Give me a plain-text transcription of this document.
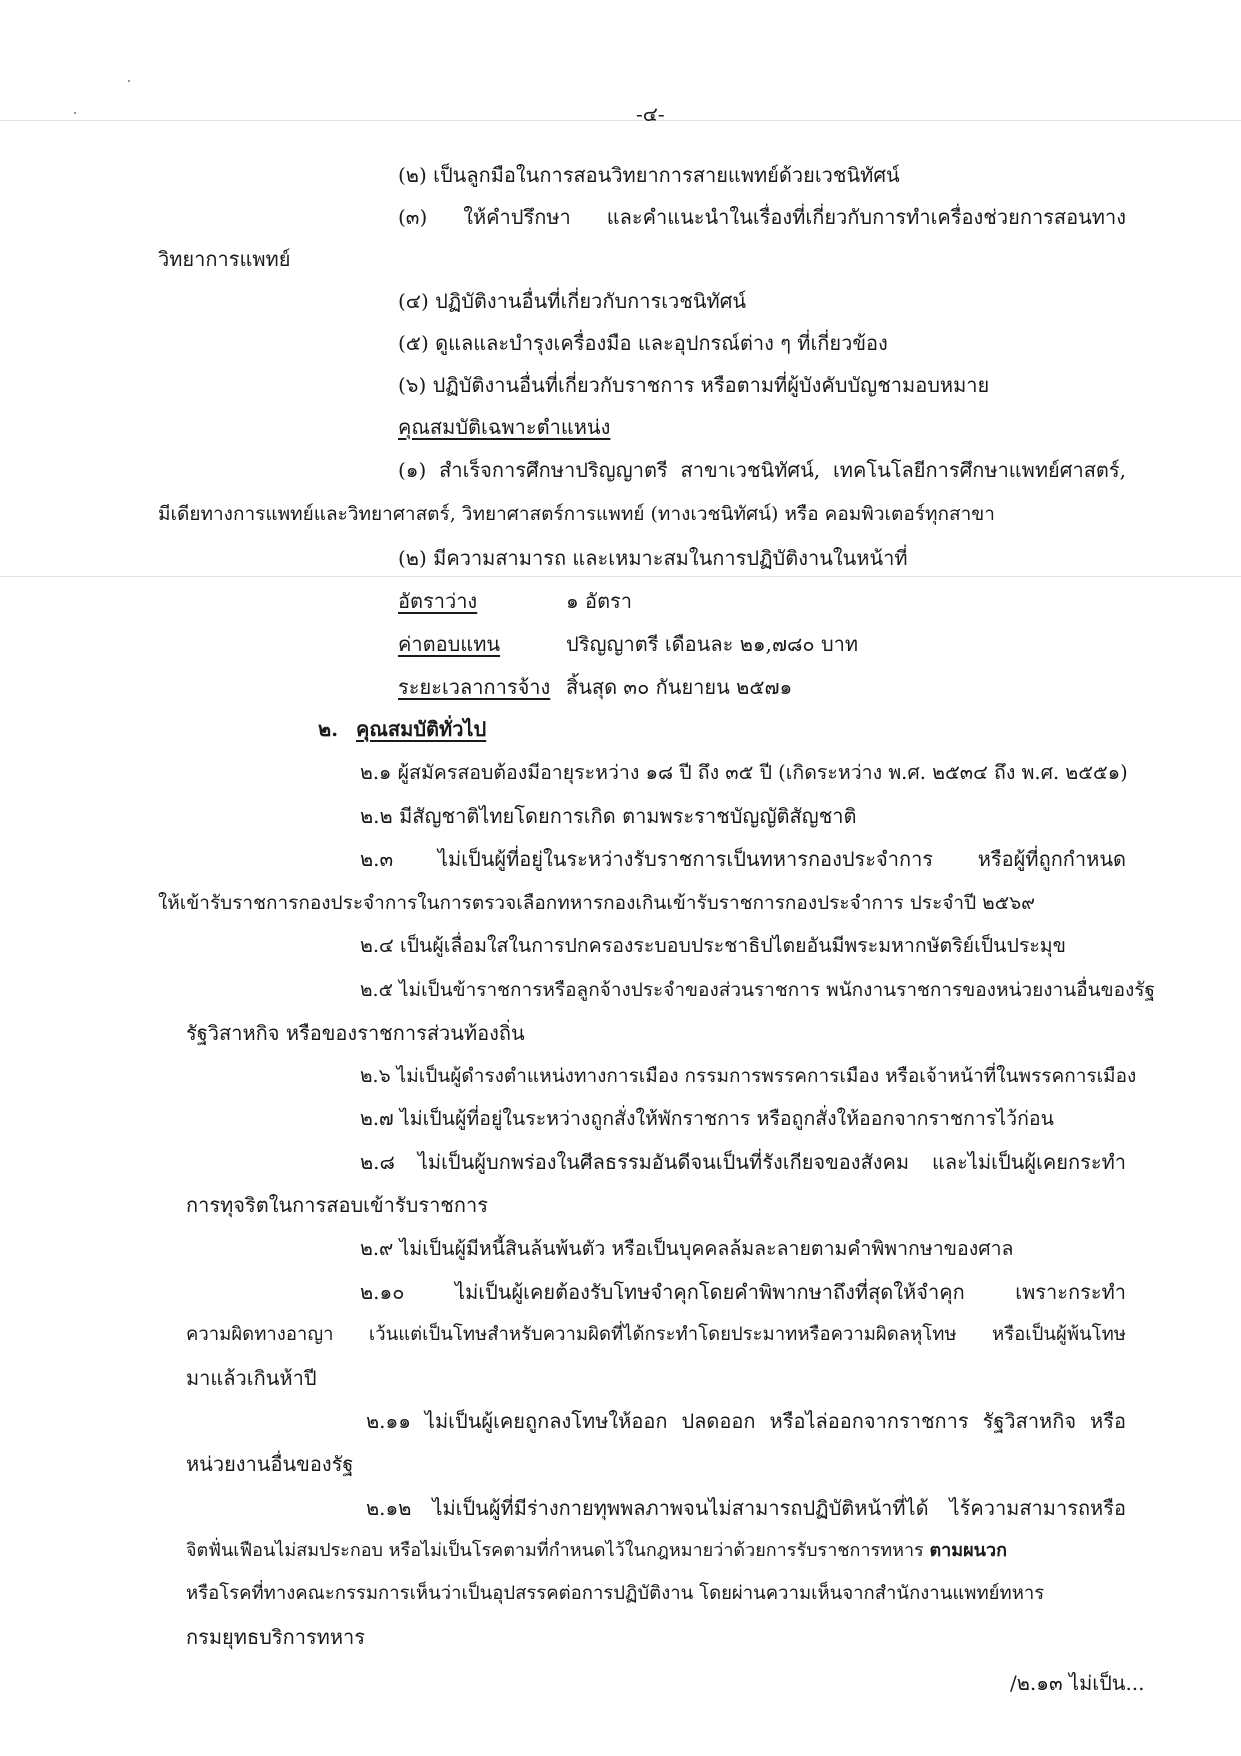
-๔-
(๒) เป็นลูกมือในการสอนวิทยาการสายแพทย์ด้วยเวชนิทัศน์
(๓) ให้คำปรึกษา และคำแนะนำในเรื่องที่เกี่ยวกับการทำเครื่องช่วยการสอนทาง
วิทยาการแพทย์
(๔) ปฏิบัติงานอื่นที่เกี่ยวกับการเวชนิทัศน์
(๕) ดูแลและบำรุงเครื่องมือ และอุปกรณ์ต่าง ๆ ที่เกี่ยวข้อง
(๖) ปฏิบัติงานอื่นที่เกี่ยวกับราชการ หรือตามที่ผู้บังคับบัญชามอบหมาย
คุณสมบัติเฉพาะตำแหน่ง
(๑) สำเร็จการศึกษาปริญญาตรี สาขาเวชนิทัศน์, เทคโนโลยีการศึกษาแพทย์ศาสตร์,
มีเดียทางการแพทย์และวิทยาศาสตร์, วิทยาศาสตร์การแพทย์ (ทางเวชนิทัศน์) หรือ คอมพิวเตอร์ทุกสาขา
(๒) มีความสามารถ และเหมาะสมในการปฏิบัติงานในหน้าที่
อัตราว่าง	๑ อัตรา
ค่าตอบแทน	ปริญญาตรี เดือนละ ๒๑,๗๘๐ บาท
ระยะเวลาการจ้าง สิ้นสุด ๓๐ กันยายน ๒๕๗๑
๒. คุณสมบัติทั่วไป
๒.๑ ผู้สมัครสอบต้องมีอายุระหว่าง ๑๘ ปี ถึง ๓๕ ปี (เกิดระหว่าง พ.ศ. ๒๕๓๔ ถึง พ.ศ. ๒๕๕๑)
๒.๒ มีสัญชาติไทยโดยการเกิด ตามพระราชบัญญัติสัญชาติ
๒.๓ ไม่เป็นผู้ที่อยู่ในระหว่างรับราชการเป็นทหารกองประจำการ หรือผู้ที่ถูกกำหนด
ให้เข้ารับราชการกองประจำการในการตรวจเลือกทหารกองเกินเข้ารับราชการกองประจำการ ประจำปี ๒๕๖๙
๒.๔ เป็นผู้เลื่อมใสในการปกครองระบอบประชาธิปไตยอันมีพระมหากษัตริย์เป็นประมุข
๒.๕ ไม่เป็นข้าราชการหรือลูกจ้างประจำของส่วนราชการ พนักงานราชการของหน่วยงานอื่นของรัฐ
รัฐวิสาหกิจ หรือของราชการส่วนท้องถิ่น
๒.๖ ไม่เป็นผู้ดำรงตำแหน่งทางการเมือง กรรมการพรรคการเมือง หรือเจ้าหน้าที่ในพรรคการเมือง
๒.๗ ไม่เป็นผู้ที่อยู่ในระหว่างถูกสั่งให้พักราชการ หรือถูกสั่งให้ออกจากราชการไว้ก่อน
๒.๘ ไม่เป็นผู้บกพร่องในศีลธรรมอันดีจนเป็นที่รังเกียจของสังคม และไม่เป็นผู้เคยกระทำ
การทุจริตในการสอบเข้ารับราชการ
๒.๙ ไม่เป็นผู้มีหนี้สินล้นพ้นตัว หรือเป็นบุคคลล้มละลายตามคำพิพากษาของศาล
๒.๑๐ ไม่เป็นผู้เคยต้องรับโทษจำคุกโดยคำพิพากษาถึงที่สุดให้จำคุก เพราะกระทำ
ความผิดทางอาญา เว้นแต่เป็นโทษสำหรับความผิดที่ได้กระทำโดยประมาทหรือความผิดลหุโทษ หรือเป็นผู้พ้นโทษ
มาแล้วเกินห้าปี
๒.๑๑ ไม่เป็นผู้เคยถูกลงโทษให้ออก ปลดออก หรือไล่ออกจากราชการ รัฐวิสาหกิจ หรือ
หน่วยงานอื่นของรัฐ
๒.๑๒ ไม่เป็นผู้ที่มีร่างกายทุพพลภาพจนไม่สามารถปฏิบัติหน้าที่ได้ ไร้ความสามารถหรือ
จิตฟั่นเฟือนไม่สมประกอบ หรือไม่เป็นโรคตามที่กำหนดไว้ในกฎหมายว่าด้วยการรับราชการทหาร ตามผนวก
หรือโรคที่ทางคณะกรรมการเห็นว่าเป็นอุปสรรคต่อการปฏิบัติงาน โดยผ่านความเห็นจากสำนักงานแพทย์ทหาร
กรมยุทธบริการทหาร
/๒.๑๓ ไม่เป็น...
